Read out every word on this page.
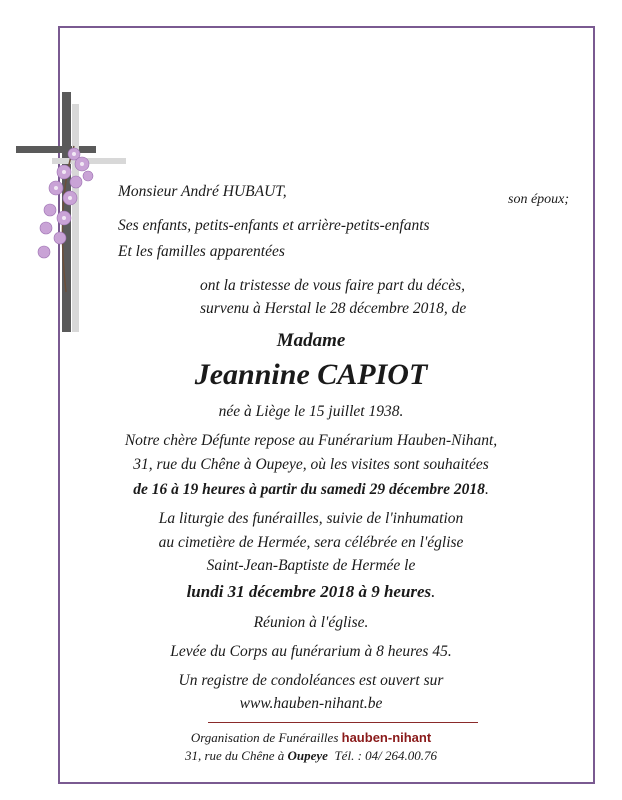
Monsieur André HUBAUT,	son époux;
Ses enfants, petits-enfants et arrière-petits-enfants
Et les familles apparentées
ont la tristesse de vous faire part du décès,
survenu à Herstal le 28 décembre 2018, de
Madame
Jeannine CAPIOT
née à Liège le 15 juillet 1938.
Notre chère Défunte repose au Funérarium Hauben-Nihant,
31, rue du Chêne à Oupeye, où les visites sont souhaitées
de 16 à 19 heures à partir du samedi 29 décembre 2018.
La liturgie des funérailles, suivie de l'inhumation
au cimetière de Hermée, sera célébrée en l'église
Saint-Jean-Baptiste de Hermée le
lundi 31 décembre 2018 à 9 heures.
Réunion à l'église.
Levée du Corps au funérarium à 8 heures 45.
Un registre de condoléances est ouvert sur
www.hauben-nihant.be
Organisation de Funérailles hauben-nihant
31, rue du Chêne à Oupeye Tél. : 04/ 264.00.76
